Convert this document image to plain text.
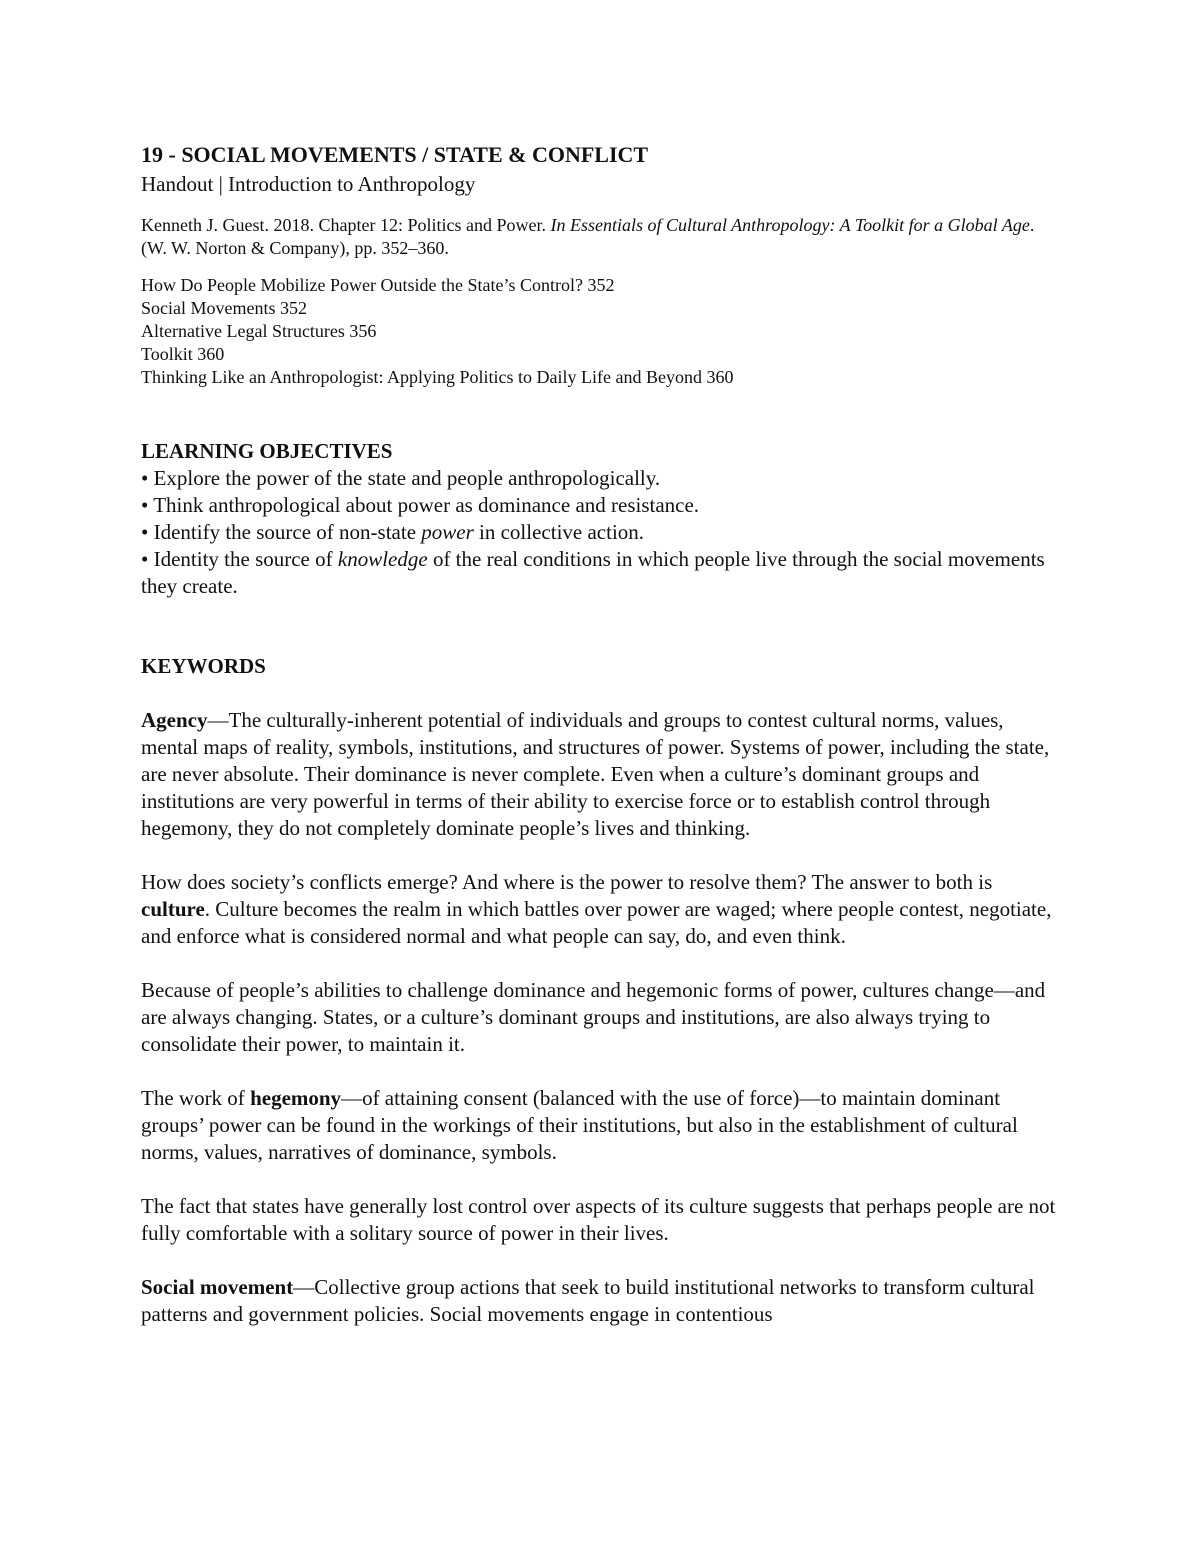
19 - SOCIAL MOVEMENTS / STATE & CONFLICT

Handout | Introduction to Anthropology

Kenneth J. Guest. 2018. Chapter 12: Politics and Power. In Essentials of Cultural Anthropology: A Toolkit for a Global Age. (W. W. Norton & Company), pp. 352–360.

How Do People Mobilize Power Outside the State’s Control? 352
Social Movements 352
Alternative Legal Structures 356
Toolkit 360
Thinking Like an Anthropologist: Applying Politics to Daily Life and Beyond 360
LEARNING OBJECTIVES
• Explore the power of the state and people anthropologically.
• Think anthropological about power as dominance and resistance.
• Identify the source of non-state power in collective action.
• Identity the source of knowledge of the real conditions in which people live through the social movements they create.
KEYWORDS

Agency—The culturally-inherent potential of individuals and groups to contest cultural norms, values, mental maps of reality, symbols, institutions, and structures of power. Systems of power, including the state, are never absolute. Their dominance is never complete. Even when a culture’s dominant groups and institutions are very powerful in terms of their ability to exercise force or to establish control through hegemony, they do not completely dominate people’s lives and thinking.

How does society’s conflicts emerge? And where is the power to resolve them? The answer to both is culture. Culture becomes the realm in which battles over power are waged; where people contest, negotiate, and enforce what is considered normal and what people can say, do, and even think.

Because of people’s abilities to challenge dominance and hegemonic forms of power, cultures change—and are always changing. States, or a culture’s dominant groups and institutions, are also always trying to consolidate their power, to maintain it.

The work of hegemony—of attaining consent (balanced with the use of force)—to maintain dominant groups’ power can be found in the workings of their institutions, but also in the establishment of cultural norms, values, narratives of dominance, symbols.

The fact that states have generally lost control over aspects of its culture suggests that perhaps people are not fully comfortable with a solitary source of power in their lives.

Social movement—Collective group actions that seek to build institutional networks to transform cultural patterns and government policies. Social movements engage in contentious
